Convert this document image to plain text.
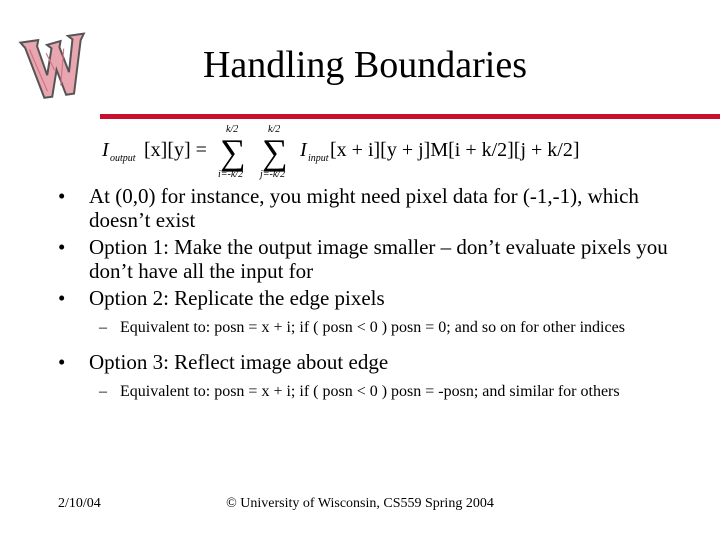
Handling Boundaries
I output [x][y] =
k/2
∑
i=-k/2
k/2
∑
j=-k/2
I input [x + i][y + j]M[i + k/2][j + k/2]
• At (0,0) for instance, you might need pixel data for (-1,-1), which doesn’t exist
• Option 1: Make the output image smaller – don’t evaluate pixels you don’t have all the input for
• Option 2: Replicate the edge pixels
– Equivalent to: posn = x + i; if ( posn < 0 ) posn = 0; and so on for other indices
• Option 3: Reflect image about edge
– Equivalent to: posn = x + i; if ( posn < 0 ) posn = -posn; and similar for others
2/10/04	© University of Wisconsin, CS559 Spring 2004
